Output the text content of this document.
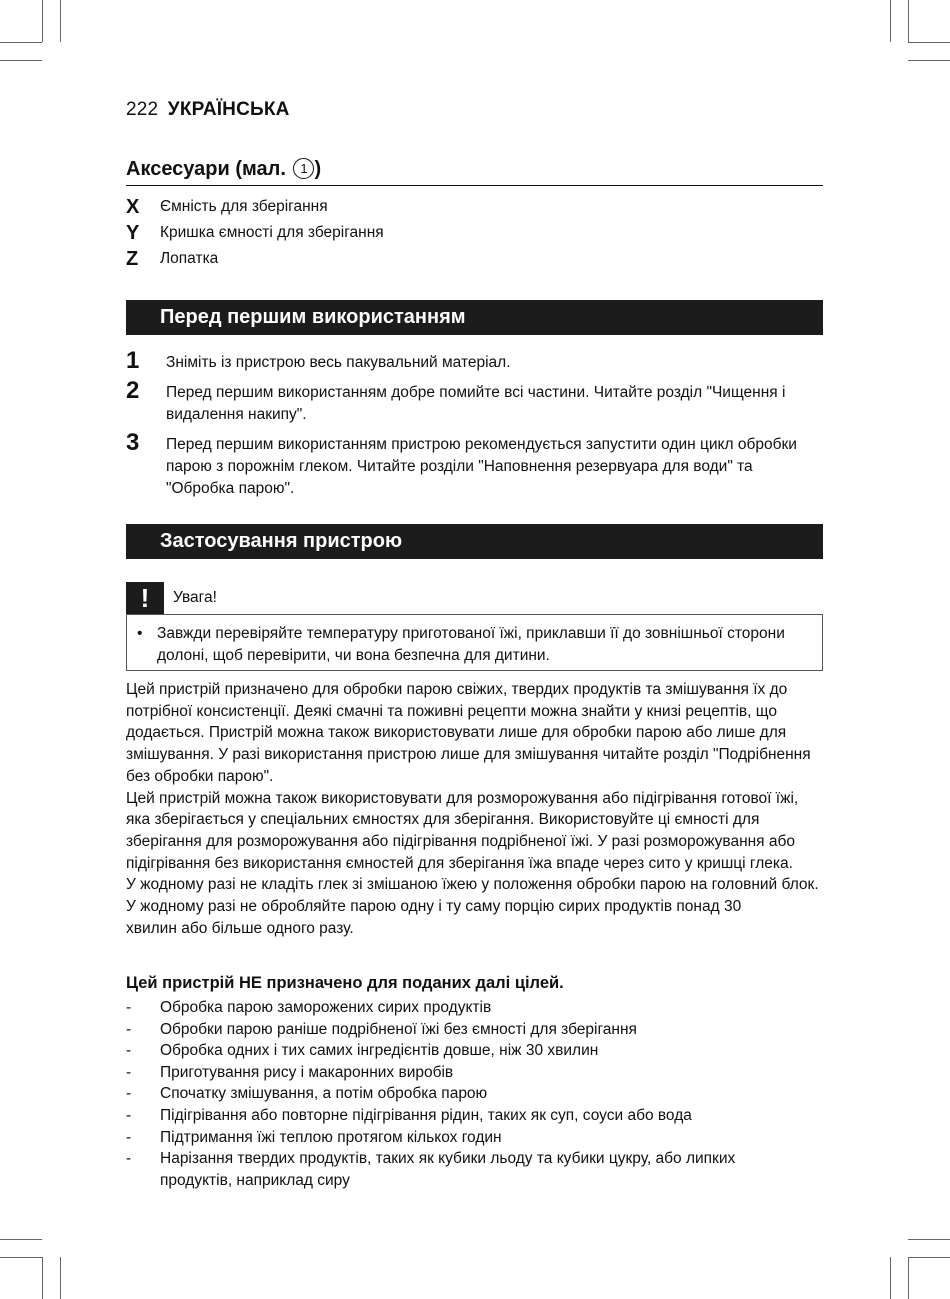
222 УКРАЇНСЬКА
Аксесуари (мал. 1 )
X	Ємність для зберігання
Y	Кришка ємності для зберігання
Z	Лопатка
Перед першим використанням
1	Зніміть із пристрою весь пакувальний матеріал.
2	Перед першим використанням добре помийте всі частини. Читайте розділ "Чищення і видалення накипу".
3	Перед першим використанням пристрою рекомендується запустити один цикл обробки парою з порожнім глеком. Читайте розділи "Наповнення резервуара для води" та "Обробка парою".
Застосування пристрою
!	Увага!
• Завжди перевіряйте температуру приготованої їжі, приклавши її до зовнішньої сторони долоні, щоб перевірити, чи вона безпечна для дитини.

Цей пристрій призначено для обробки парою свіжих, твердих продуктів та змішування їх до потрібної консистенції. Деякі смачні та поживні рецепти можна знайти у книзі рецептів, що додається. Пристрій можна також використовувати лише для обробки парою або лише для змішування. У разі використання пристрою лише для змішування читайте розділ "Подрібнення без обробки парою".

Цей пристрій можна також використовувати для розморожування або підігрівання готової їжі, яка зберігається у спеціальних ємностях для зберігання. Використовуйте ці ємності для зберігання для розморожування або підігрівання подрібненої їжі. У разі розморожування або підігрівання без використання ємностей для зберігання їжа впаде через сито у кришці глека.

У жодному разі не кладіть глек зі змішаною їжею у положення обробки парою на головний блок.

У жодному разі не обробляйте парою одну і ту саму порцію сирих продуктів понад 30 хвилин або більше одного разу.

Цей пристрій НЕ призначено для поданих далі цілей.
-	Обробка парою заморожених сирих продуктів
-	Обробки парою раніше подрібненої їжі без ємності для зберігання
-	Обробка одних і тих самих інгредієнтів довше, ніж 30 хвилин
-	Приготування рису і макаронних виробів
-	Спочатку змішування, а потім обробка парою
-	Підігрівання або повторне підігрівання рідин, таких як суп, соуси або вода
-	Підтримання їжі теплою протягом кількох годин
-	Нарізання твердих продуктів, таких як кубики льоду та кубики цукру, або липких продуктів, наприклад сиру
